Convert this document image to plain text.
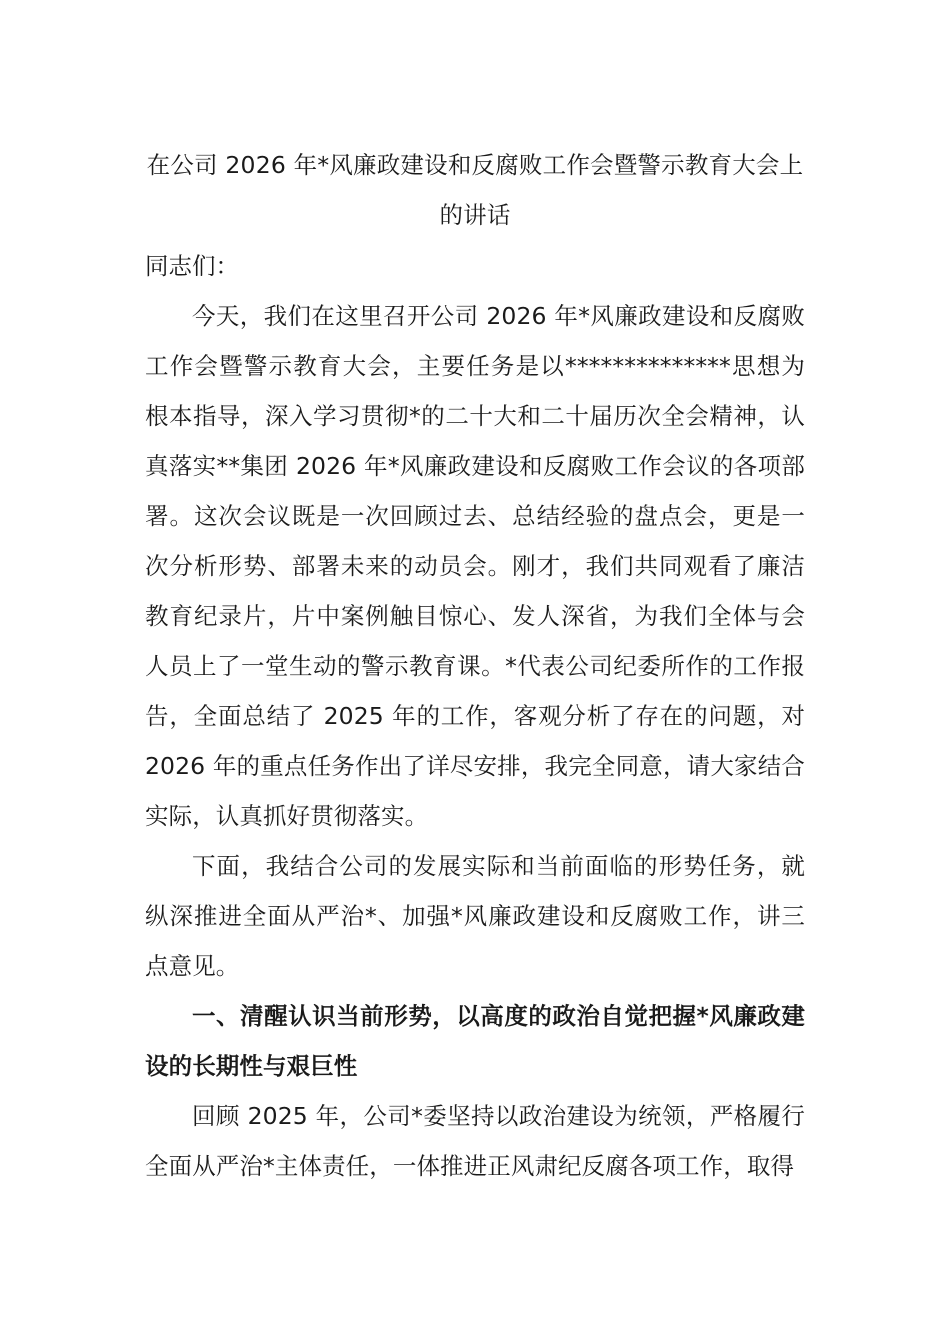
在公司 2026 年*风廉政建设和反腐败工作会暨警示教育大会上的讲话

同志们：

今天，我们在这里召开公司 2026 年*风廉政建设和反腐败工作会暨警示教育大会，主要任务是以**************思想为根本指导，深入学习贯彻*的二十大和二十届历次全会精神，认真落实**集团 2026 年*风廉政建设和反腐败工作会议的各项部署。这次会议既是一次回顾过去、总结经验的盘点会，更是一次分析形势、部署未来的动员会。刚才，我们共同观看了廉洁教育纪录片，片中案例触目惊心、发人深省，为我们全体与会人员上了一堂生动的警示教育课。*代表公司纪委所作的工作报告，全面总结了 2025 年的工作，客观分析了存在的问题，对 2026 年的重点任务作出了详尽安排，我完全同意，请大家结合实际，认真抓好贯彻落实。

下面，我结合公司的发展实际和当前面临的形势任务，就纵深推进全面从严治*、加强*风廉政建设和反腐败工作，讲三点意见。

一、清醒认识当前形势，以高度的政治自觉把握*风廉政建设的长期性与艰巨性

回顾 2025 年，公司*委坚持以政治建设为统领，严格履行全面从严治*主体责任，一体推进正风肃纪反腐各项工作，取得
